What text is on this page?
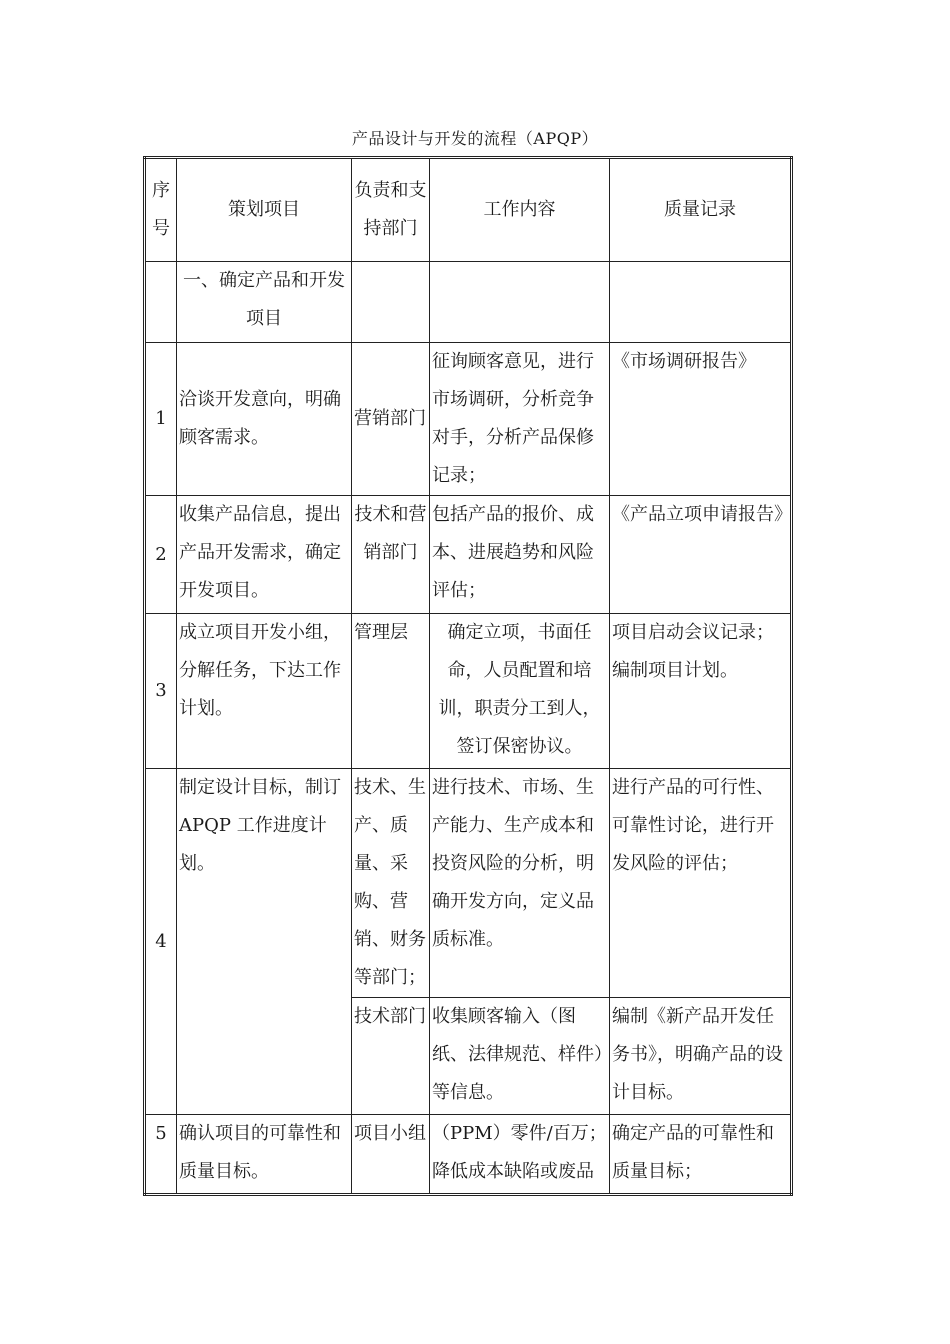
产品设计与开发的流程（APQP）
序号	策划项目	负责和支持部门	工作内容	质量记录
	一、确定产品和开发项目			
1	洽谈开发意向，明确顾客需求。	营销部门	征询顾客意见，进行市场调研，分析竞争对手，分析产品保修记录；	《市场调研报告》
2	收集产品信息，提出产品开发需求，确定开发项目。	技术和营销部门	包括产品的报价、成本、进展趋势和风险评估；	《产品立项申请报告》
3	成立项目开发小组，分解任务，下达工作计划。	管理层	确定立项，书面任命，人员配置和培训，职责分工到人，签订保密协议。	项目启动会议记录；编制项目计划。
4	制定设计目标，制订APQP 工作进度计划。	技术、生产、质量、采购、营销、财务等部门；	进行技术、市场、生产能力、生产成本和投资风险的分析，明确开发方向，定义品质标准。	进行产品的可行性、可靠性讨论，进行开发风险的评估；
		技术部门	收集顾客输入（图纸、法律规范、样件）等信息。	编制《新产品开发任务书》，明确产品的设计目标。
5	确认项目的可靠性和质量目标。	项目小组	（PPM）零件/百万；降低成本缺陷或废品	确定产品的可靠性和质量目标；
